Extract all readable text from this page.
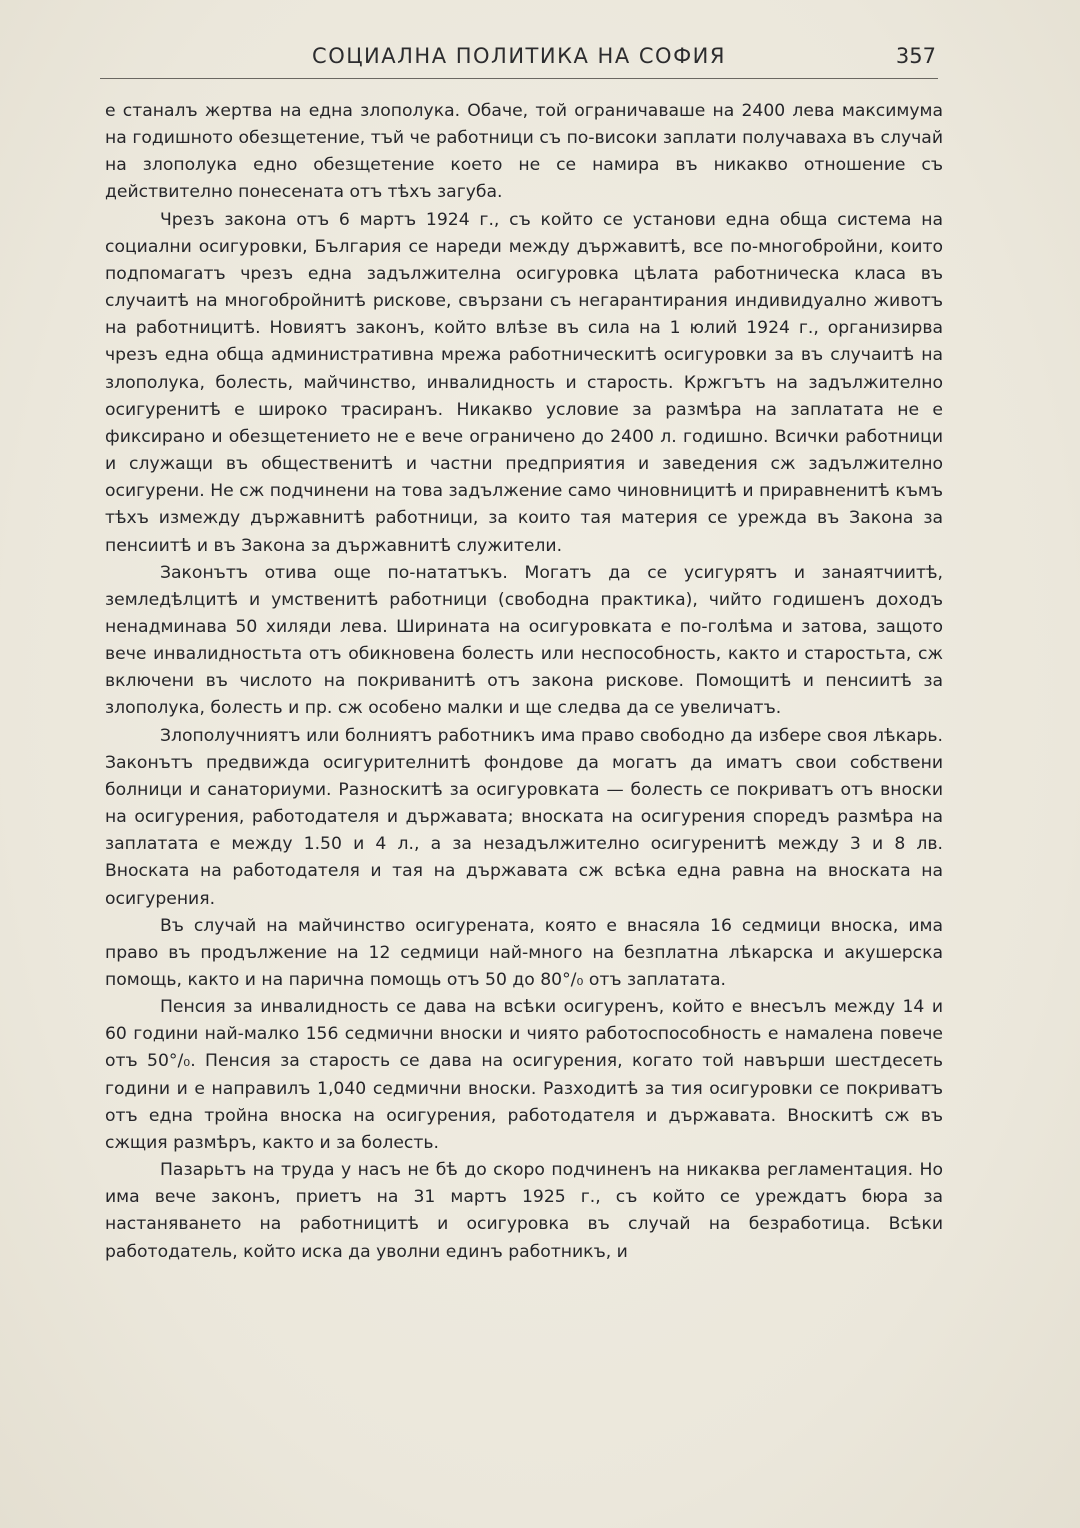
СОЦИАЛНА ПОЛИТИКА НА СОФИЯ	357

е станалъ жертва на една злополука. Обаче, той ограничаваше на 2400 лева максимума на годишното обезщетение, тъй че работници съ по-високи заплати получаваха въ случай на злополука едно обезщетение което не се намира въ никакво отношение съ действително понесената отъ тѣхъ загуба.

Чрезъ закона отъ 6 мартъ 1924 г., съ който се установи една обща система на социални осигуровки, България се нареди между държавитѣ, все по-многобройни, които подпомагатъ чрезъ една задължителна осигуровка цѣлата работническа класа въ случаитѣ на многобройнитѣ рискове, свързани съ негарантирания индивидуално животъ на работницитѣ. Новиятъ законъ, който влѣзе въ сила на 1 юлий 1924 г., организирва чрезъ една обща административна мрежа работническитѣ осигуровки за въ случаитѣ на злополука, болесть, майчинство, инвалидность и старость. Кржгътъ на задължително осигуренитѣ е широко трасиранъ. Никакво условие за размѣра на заплатата не е фиксирано и обезщетението не е вече ограничено до 2400 л. годишно. Всички работници и служащи въ общественитѣ и частни предприятия и заведения сж задължително осигурени. Не сж подчинени на това задължение само чиновницитѣ и приравненитѣ къмъ тѣхъ измежду държавнитѣ работници, за които тая материя се урежда въ Закона за пенсиитѣ и въ Закона за държавнитѣ служители.

Законътъ отива още по-нататъкъ. Могатъ да се усигурятъ и занаятчиитѣ, земледѣлцитѣ и умственитѣ работници (свободна практика), чийто годишенъ доходъ ненадминава 50 хиляди лева. Ширината на осигуровката е по-голѣма и затова, защото вече инвалидностьта отъ обикновена болесть или неспособность, както и старостьта, сж включени въ числото на покриванитѣ отъ закона рискове. Помощитѣ и пенсиитѣ за злополука, болесть и пр. сж особено малки и ще следва да се увеличатъ.

Злополучниятъ или болниятъ работникъ има право свободно да избере своя лѣкарь. Законътъ предвижда осигурителнитѣ фондове да могатъ да иматъ свои собствени болници и санаториуми. Разноскитѣ за осигуровката — болесть се покриватъ отъ вноски на осигурения, работодателя и държавата; вноската на осигурения споредъ размѣра на заплатата е между 1.50 и 4 л., а за незадължително осигуренитѣ между 3 и 8 лв. Вноската на работодателя и тая на държавата сж всѣка една равна на вноската на осигурения.

Въ случай на майчинство осигурената, която е внасяла 16 седмици вноска, има право въ продължение на 12 седмици най-много на безплатна лѣкарска и акушерска помощь, както и на парична помощь отъ 50 до 80°/₀ отъ заплатата.

Пенсия за инвалидность се дава на всѣки осигуренъ, който е внесълъ между 14 и 60 години най-малко 156 седмични вноски и чиято работоспособность е намалена повече отъ 50°/₀. Пенсия за старость се дава на осигурения, когато той навърши шестдесеть години и е направилъ 1,040 седмични вноски. Разходитѣ за тия осигуровки се покриватъ отъ една тройна вноска на осигурения, работодателя и държавата. Вноскитѣ сж въ сжщия размѣръ, както и за болесть.

Пазарьтъ на труда у насъ не бѣ до скоро подчиненъ на никаква регламентация. Но има вече законъ, приетъ на 31 мартъ 1925 г., съ който се уреждатъ бюра за настаняването на работницитѣ и осигуровка въ случай на безработица. Всѣки работодатель, който иска да уволни единъ работникъ, и
